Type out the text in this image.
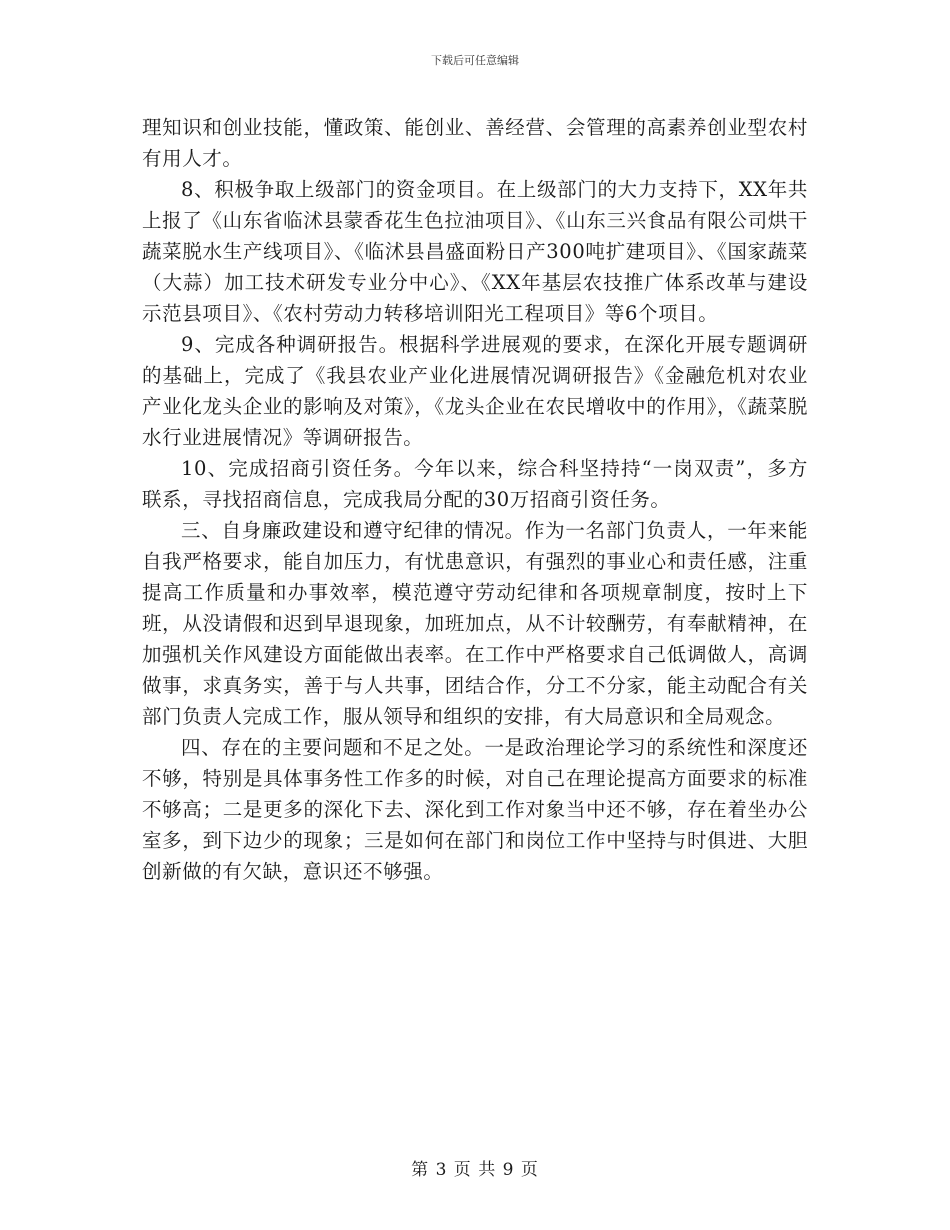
下载后可任意编辑

理知识和创业技能，懂政策、能创业、善经营、会管理的高素养创业型农村有用人才。

8、积极争取上级部门的资金项目。在上级部门的大力支持下，XX年共上报了《山东省临沭县蒙香花生色拉油项目》、《山东三兴食品有限公司烘干蔬菜脱水生产线项目》、《临沭县昌盛面粉日产300吨扩建项目》、《国家蔬菜（大蒜）加工技术研发专业分中心》、《XX年基层农技推广体系改革与建设示范县项目》、《农村劳动力转移培训阳光工程项目》等6个项目。

9、完成各种调研报告。根据科学进展观的要求，在深化开展专题调研的基础上，完成了《我县农业产业化进展情况调研报告》《金融危机对农业产业化龙头企业的影响及对策》，《龙头企业在农民增收中的作用》，《蔬菜脱水行业进展情况》等调研报告。

10、完成招商引资任务。今年以来，综合科坚持持“一岗双责”，多方联系，寻找招商信息，完成我局分配的30万招商引资任务。

三、自身廉政建设和遵守纪律的情况。作为一名部门负责人，一年来能自我严格要求，能自加压力，有忧患意识，有强烈的事业心和责任感，注重提高工作质量和办事效率，模范遵守劳动纪律和各项规章制度，按时上下班，从没请假和迟到早退现象，加班加点，从不计较酬劳，有奉献精神，在加强机关作风建设方面能做出表率。在工作中严格要求自己低调做人，高调做事，求真务实，善于与人共事，团结合作，分工不分家，能主动配合有关部门负责人完成工作，服从领导和组织的安排，有大局意识和全局观念。

四、存在的主要问题和不足之处。一是政治理论学习的系统性和深度还不够，特别是具体事务性工作多的时候，对自己在理论提高方面要求的标准不够高；二是更多的深化下去、深化到工作对象当中还不够，存在着坐办公室多，到下边少的现象；三是如何在部门和岗位工作中坚持与时俱进、大胆创新做的有欠缺，意识还不够强。

第 3 页 共 9 页
